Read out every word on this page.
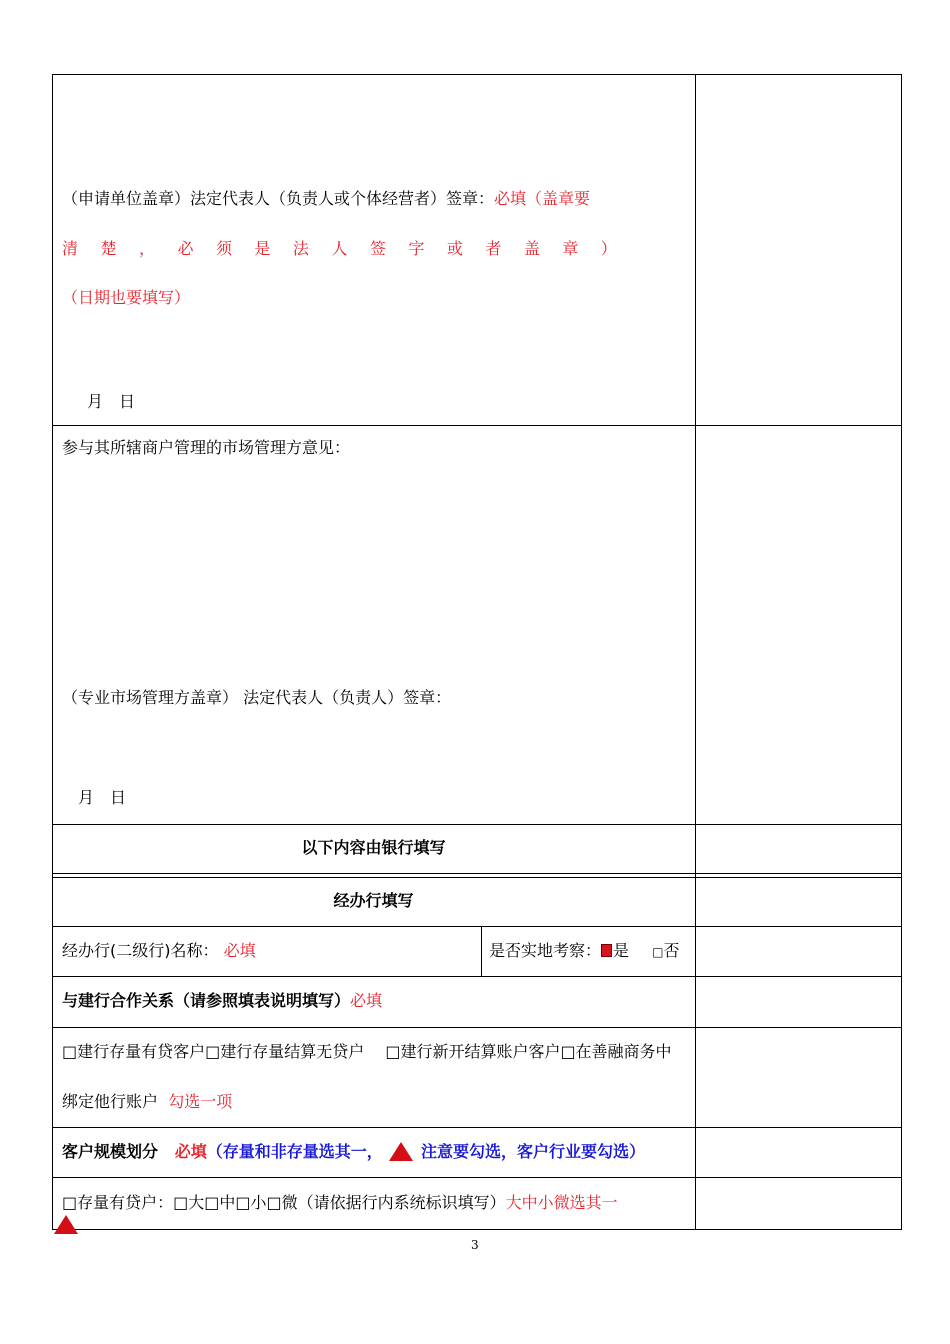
（申请单位盖章）法定代表人（负责人或个体经营者）签章：必填（盖章要
清 楚 ， 必 须 是 法 人 签 字 或 者 盖 章 ）
（日期也要填写）
月　日
参与其所辖商户管理的市场管理方意见：
（专业市场管理方盖章） 法定代表人（负责人）签章：
月　日
以下内容由银行填写
经办行填写
经办行(二级行)名称： 必填	是否实地考察： 是 □否
与建行合作关系（请参照填表说明填写）必填
□建行存量有贷客户□建行存量结算无贷户　 □建行新开结算账户客户□在善融商务中
绑定他行账户 勾选一项
客户规模划分 必填（存量和非存量选其一， 注意要勾选，客户行业要勾选）
□存量有贷户：□大□中□小□微（请依据行内系统标识填写）大中小微选其一
3
